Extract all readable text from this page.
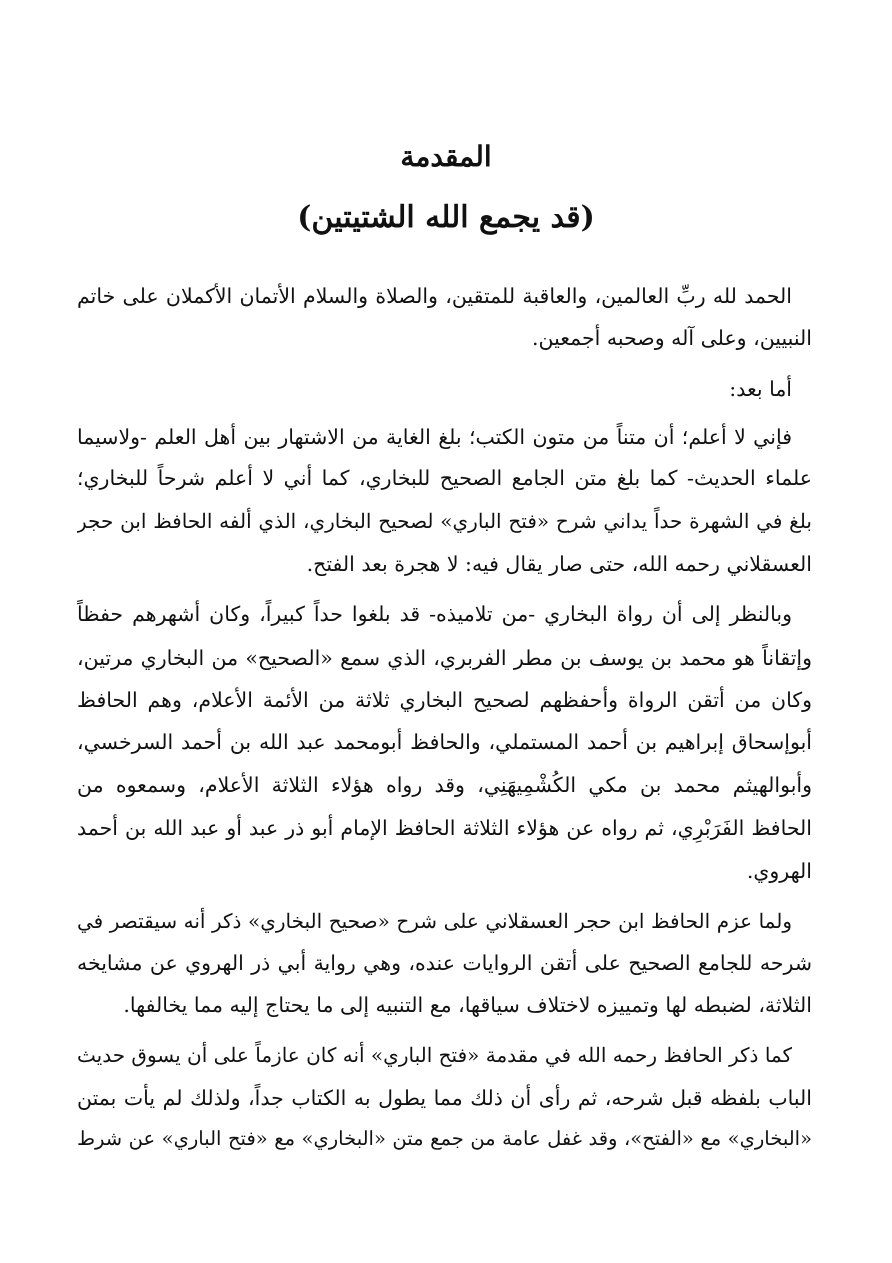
المقدمة
(قد يجمع الله الشتيتين)
الحمد لله ربِّ العالمين، والعاقبة للمتقين، والصلاة والسلام الأتمان الأكملان على خاتم
النبيين، وعلى آله وصحبه أجمعين.
أما بعد:
فإني لا أعلم؛ أن متناً من متون الكتب؛ بلغ الغاية من الاشتهار بين أهل العلم -ولاسيما
علماء الحديث- كما بلغ متن الجامع الصحيح للبخاري، كما أني لا أعلم شرحاً للبخاري؛
بلغ في الشهرة حداً يداني شرح «فتح الباري» لصحيح البخاري، الذي ألفه الحافظ ابن حجر
العسقلاني رحمه الله، حتى صار يقال فيه: لا هجرة بعد الفتح.
وبالنظر إلى أن رواة البخاري -من تلاميذه- قد بلغوا حداً كبيراً، وكان أشهرهم حفظاً
وإتقاناً هو محمد بن يوسف بن مطر الفربري، الذي سمع «الصحيح» من البخاري مرتين،
وكان من أتقن الرواة وأحفظهم لصحيح البخاري ثلاثة من الأئمة الأعلام، وهم الحافظ
أبوإسحاق إبراهيم بن أحمد المستملي، والحافظ أبومحمد عبد الله بن أحمد السرخسي،
وأبوالهيثم محمد بن مكي الكُشْمِيهَنِي، وقد رواه هؤلاء الثلاثة الأعلام، وسمعوه من
الحافظ الفَرَبْرِي، ثم رواه عن هؤلاء الثلاثة الحافظ الإمام أبو ذر عبد أو عبد الله بن أحمد
الهروي.
ولما عزم الحافظ ابن حجر العسقلاني على شرح «صحيح البخاري» ذكر أنه سيقتصر في
شرحه للجامع الصحيح على أتقن الروايات عنده، وهي رواية أبي ذر الهروي عن مشايخه
الثلاثة، لضبطه لها وتمييزه لاختلاف سياقها، مع التنبيه إلى ما يحتاج إليه مما يخالفها.
كما ذكر الحافظ رحمه الله في مقدمة «فتح الباري» أنه كان عازماً على أن يسوق حديث
الباب بلفظه قبل شرحه، ثم رأى أن ذلك مما يطول به الكتاب جداً، ولذلك لم يأت بمتن
«البخاري» مع «الفتح»، وقد غفل عامة من جمع متن «البخاري» مع «فتح الباري» عن شرط
